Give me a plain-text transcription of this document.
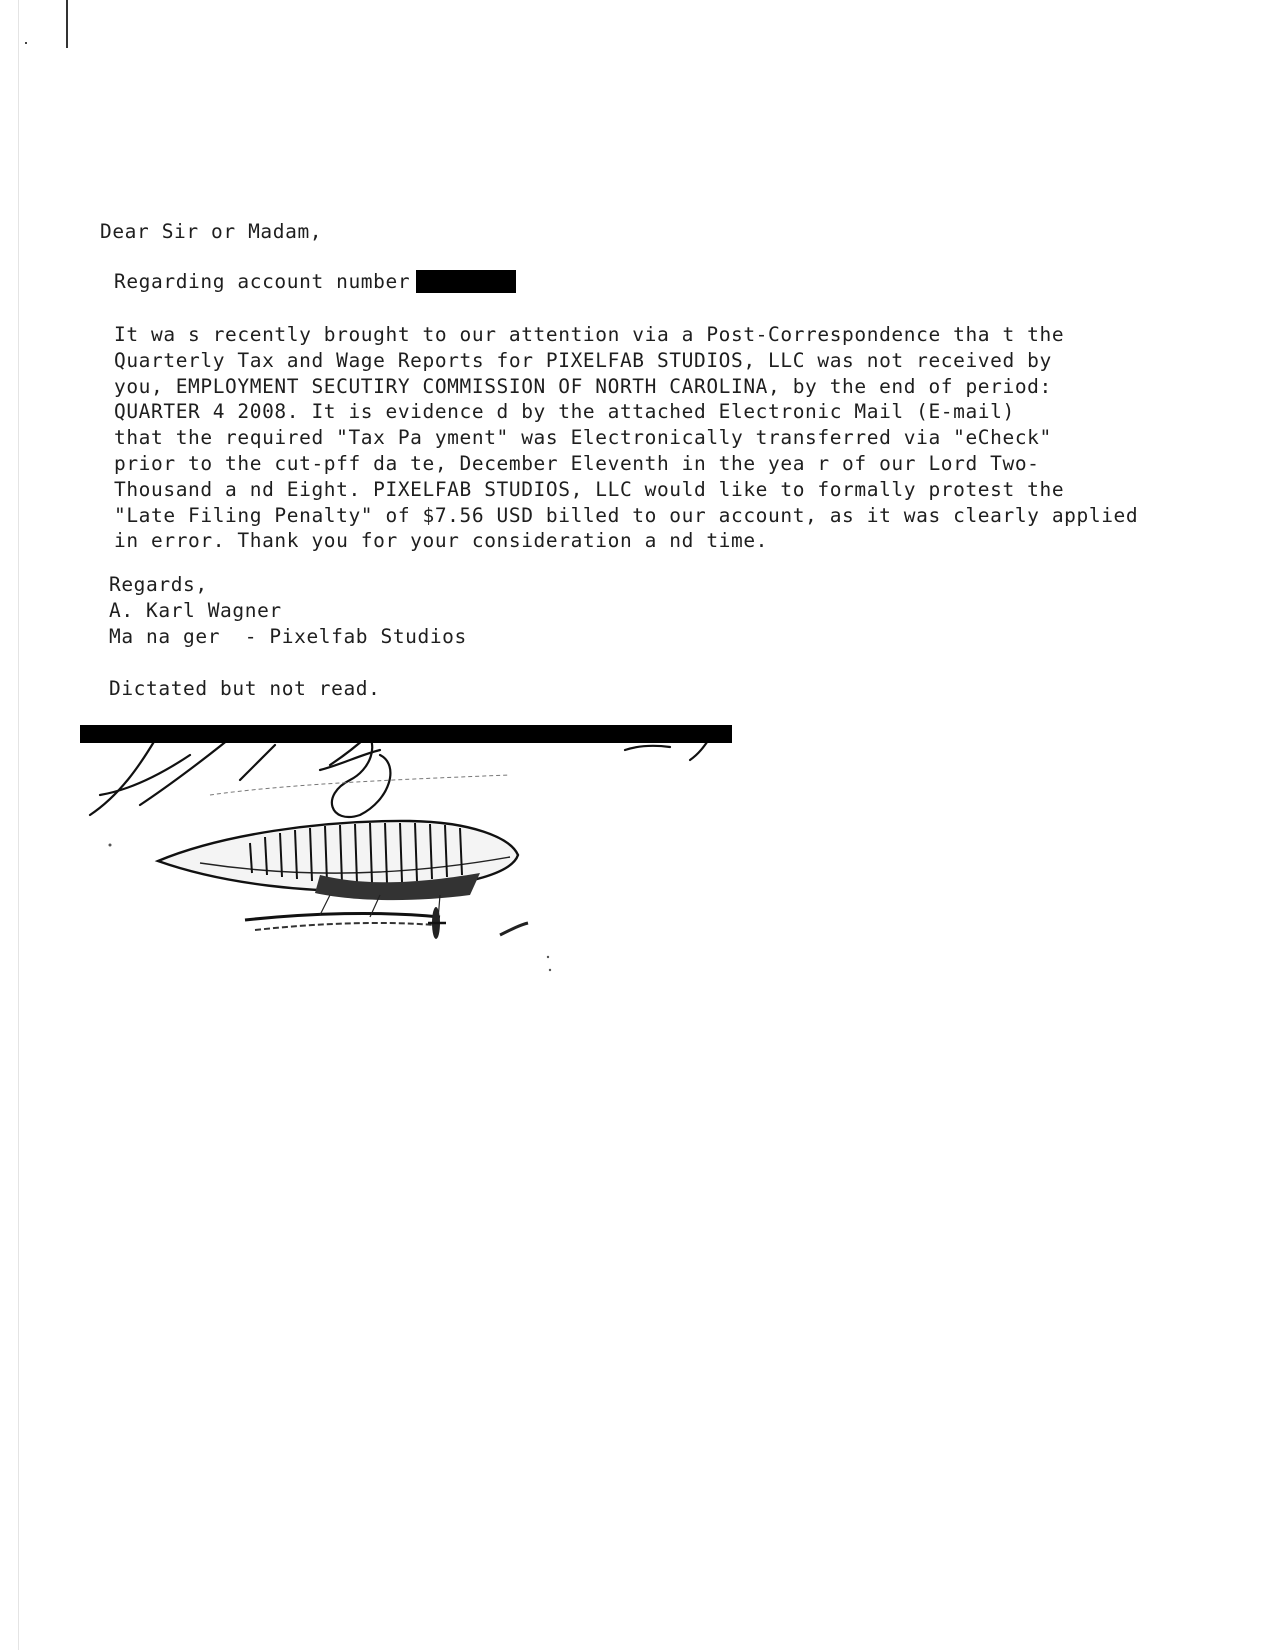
Dear Sir or Madam,
Regarding account number
It wa s recently brought to our attention via a Post-Correspondence tha t the
Quarterly Tax and Wage Reports for PIXELFAB STUDIOS, LLC was not received by
you, EMPLOYMENT SECUTIRY COMMISSION OF NORTH CAROLINA, by the end of period:
QUARTER 4 2008. It is evidence d by the attached Electronic Mail (E-mail)
that the required "Tax Pa yment" was Electronically transferred via "eCheck"
prior to the cut-pff da te, December Eleventh in the yea r of our Lord Two-
Thousand a nd Eight. PIXELFAB STUDIOS, LLC would like to formally protest the
"Late Filing Penalty" of $7.56 USD billed to our account, as it was clearly applied
in error. Thank you for your consideration a nd time.
Regards,
A. Karl Wagner
Ma na ger  - Pixelfab Studios
Dictated but not read.
